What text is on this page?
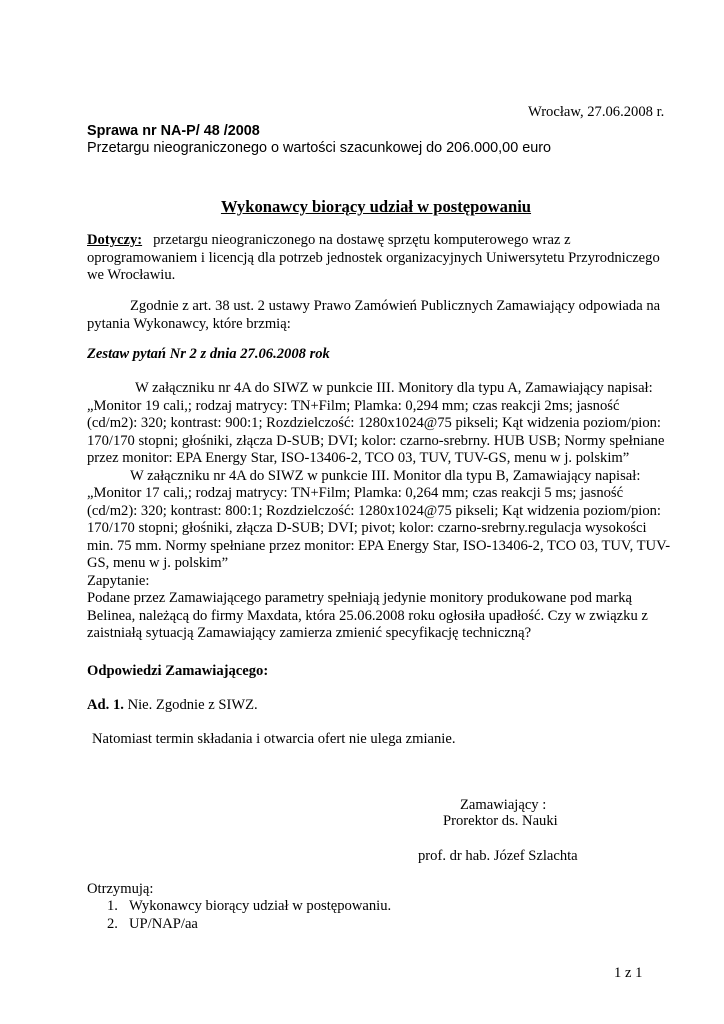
Wrocław, 27.06.2008 r.
Sprawa nr NA-P/ 48 /2008
Przetargu nieograniczonego o wartości szacunkowej do 206.000,00 euro
Wykonawcy biorący udział w postępowaniu
Dotyczy: przetargu nieograniczonego na dostawę sprzętu komputerowego wraz z oprogramowaniem i licencją dla potrzeb jednostek organizacyjnych Uniwersytetu Przyrodniczego we Wrocławiu.
Zgodnie z art. 38 ust. 2 ustawy Prawo Zamówień Publicznych Zamawiający odpowiada na pytania Wykonawcy, które brzmią:
Zestaw pytań Nr 2 z dnia 27.06.2008 rok
W załączniku nr 4A do SIWZ w punkcie III. Monitory dla typu A, Zamawiający napisał: „Monitor 19 cali,; rodzaj matrycy: TN+Film; Plamka: 0,294 mm; czas reakcji 2ms; jasność (cd/m2): 320; kontrast: 900:1; Rozdzielczość: 1280x1024@75 pikseli; Kąt widzenia poziom/pion: 170/170 stopni; głośniki, złącza D-SUB; DVI; kolor: czarno-srebrny. HUB USB; Normy spełniane przez monitor: EPA Energy Star, ISO-13406-2, TCO 03, TUV, TUV-GS, menu w j. polskim”
W załączniku nr 4A do SIWZ w punkcie III. Monitor dla typu B, Zamawiający napisał: „Monitor 17 cali,; rodzaj matrycy: TN+Film; Plamka: 0,264 mm; czas reakcji 5 ms; jasność (cd/m2): 320; kontrast: 800:1; Rozdzielczość: 1280x1024@75 pikseli; Kąt widzenia poziom/pion: 170/170 stopni; głośniki, złącza D-SUB; DVI; pivot; kolor: czarno-srebrny.regulacja wysokości min. 75 mm. Normy spełniane przez monitor: EPA Energy Star, ISO-13406-2, TCO 03, TUV, TUV-GS, menu w j. polskim”
Zapytanie:
Podane przez Zamawiającego parametry spełniają jedynie monitory produkowane pod marką Belinea, należącą do firmy Maxdata, która 25.06.2008 roku ogłosiła upadłość. Czy w związku z zaistniałą sytuacją Zamawiający zamierza zmienić specyfikację techniczną?
Odpowiedzi Zamawiającego:
Ad. 1. Nie. Zgodnie z SIWZ.
Natomiast termin składania i otwarcia ofert nie ulega zmianie.
Zamawiający :
Prorektor ds. Nauki
prof. dr hab. Józef Szlachta
Otrzymują:
1. Wykonawcy biorący udział w postępowaniu.
2. UP/NAP/aa
1 z 1
